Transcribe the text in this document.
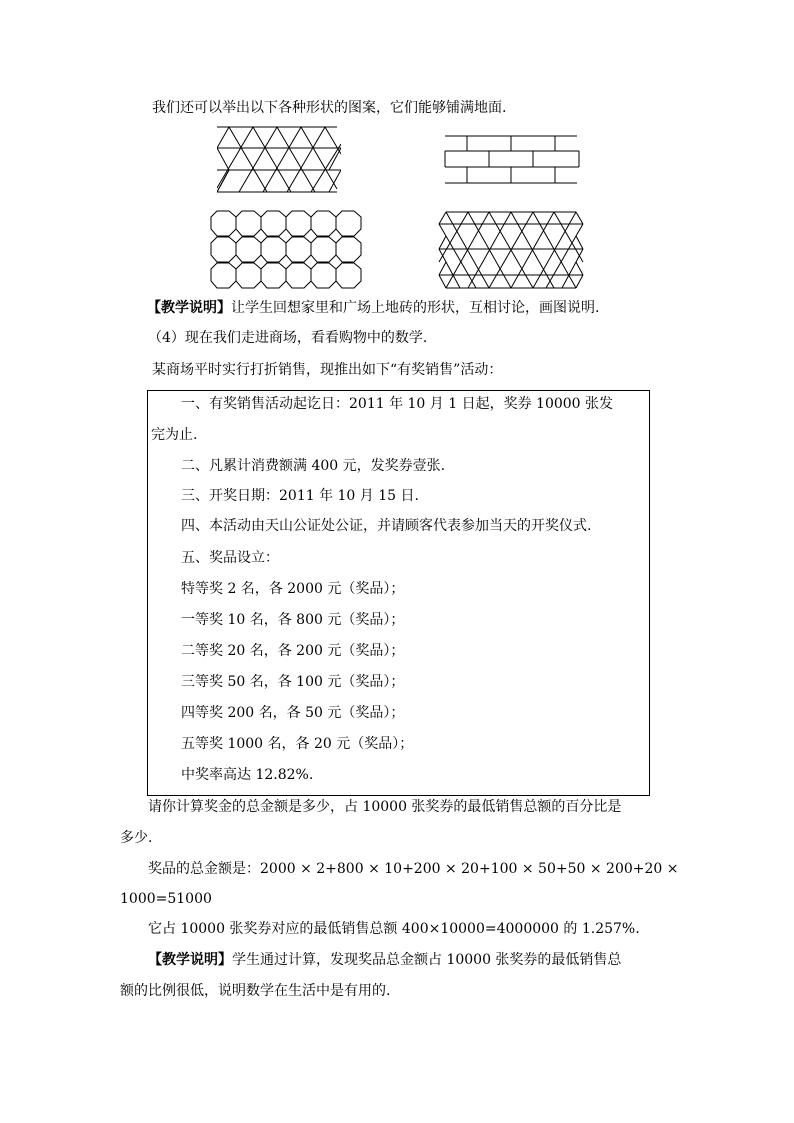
我们还可以举出以下各种形状的图案，它们能够铺满地面.
【教学说明】让学生回想家里和广场上地砖的形状，互相讨论，画图说明.
（4）现在我们走进商场，看看购物中的数学.
某商场平时实行打折销售，现推出如下“有奖销售”活动：
一、有奖销售活动起讫日：2011 年 10 月 1 日起，奖券 10000 张发
完为止.
二、凡累计消费额满 400 元，发奖券壹张.
三、开奖日期：2011 年 10 月 15 日.
四、本活动由天山公证处公证，并请顾客代表参加当天的开奖仪式.
五、奖品设立：
特等奖 2 名，各 2000 元（奖品）；
一等奖 10 名，各 800 元（奖品）；
二等奖 20 名，各 200 元（奖品）；
三等奖 50 名，各 100 元（奖品）；
四等奖 200 名，各 50 元（奖品）；
五等奖 1000 名，各 20 元（奖品）；
中奖率高达 12.82%.
请你计算奖金的总金额是多少，占 10000 张奖券的最低销售总额的百分比是
多少.
奖品的总金额是：2000 × 2+800 × 10+200 × 20+100 × 50+50 × 200+20 ×
1000=51000
它占 10000 张奖券对应的最低销售总额 400×10000=4000000 的 1.257%.
【教学说明】学生通过计算，发现奖品总金额占 10000 张奖券的最低销售总
额的比例很低，说明数学在生活中是有用的.
